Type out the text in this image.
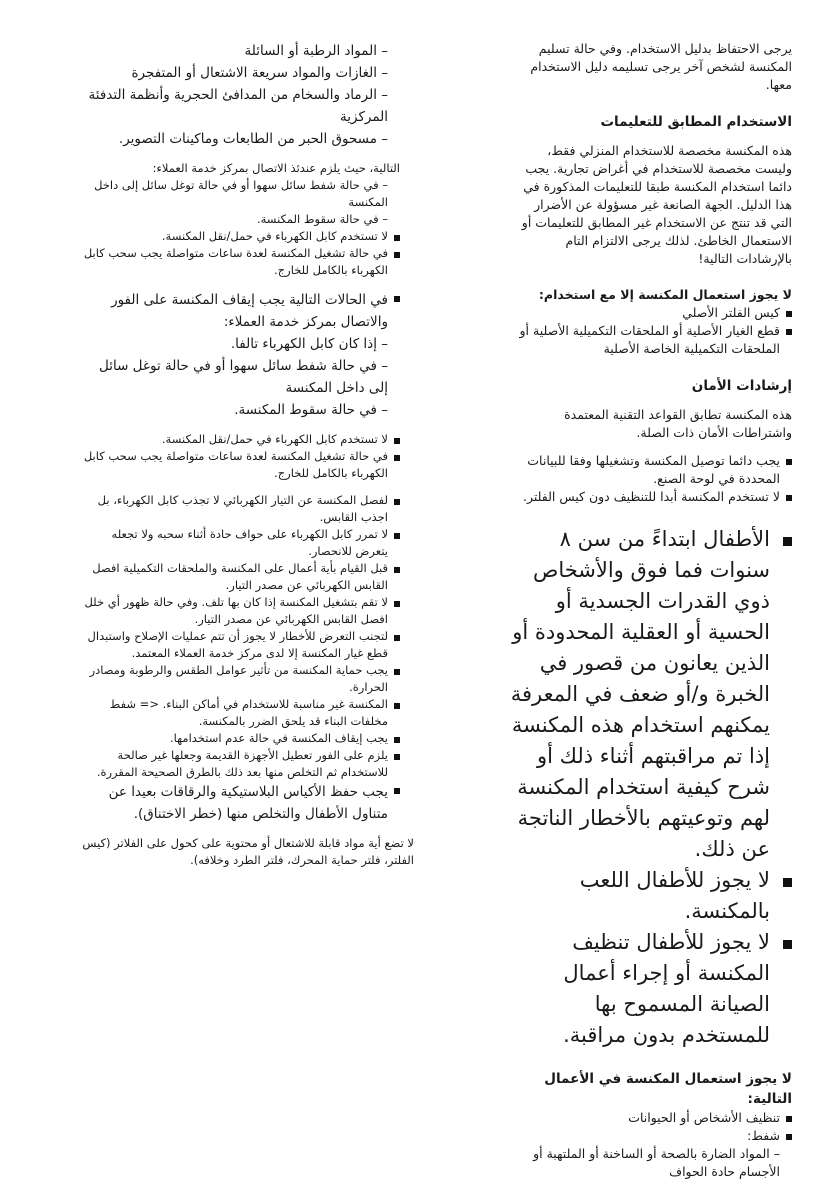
يرجى الاحتفاظ بدليل الاستخدام. وفي حالة تسليم المكنسة لشخص آخر يرجى تسليمه دليل الاستخدام معها.

الاستخدام المطابق للتعليمات

هذه المكنسة مخصصة للاستخدام المنزلي فقط، وليست مخصصة للاستخدام في أغراض تجارية. يجب دائما استخدام المكنسة طبقا للتعليمات المذكورة في هذا الدليل. الجهة الصانعة غير مسؤولة عن الأضرار التي قد تنتج عن الاستخدام غير المطابق للتعليمات أو الاستعمال الخاطئ. لذلك يرجى الالتزام التام بالإرشادات التالية!

لا يجوز استعمال المكنسة إلا مع استخدام:

كيس الفلتر الأصلي

قطع الغيار الأصلية أو الملحقات التكميلية الأصلية أو الملحقات التكميلية الخاصة الأصلية

إرشادات الأمان

هذه المكنسة تطابق القواعد التقنية المعتمدة واشتراطات الأمان ذات الصلة.

يجب دائما توصيل المكنسة وتشغيلها وفقا للبيانات المحددة في لوحة الصنع.

لا تستخدم المكنسة أبدا للتنظيف دون كيس الفلتر.

الأطفال ابتداءً من سن ٨ سنوات فما فوق والأشخاص ذوي القدرات الجسدية أو الحسية أو العقلية المحدودة أو الذين يعانون من قصور في الخبرة و/أو ضعف في المعرفة يمكنهم استخدام هذه المكنسة إذا تم مراقبتهم أثناء ذلك أو شرح كيفية استخدام المكنسة لهم وتوعيتهم بالأخطار الناتجة عن ذلك.

لا يجوز للأطفال اللعب بالمكنسة.

لا يجوز للأطفال تنظيف المكنسة أو إجراء أعمال الصيانة المسموح بها للمستخدم بدون مراقبة.

لا يجوز استعمال المكنسة في الأعمال التالية:

تنظيف الأشخاص أو الحيوانات

شفط:

– المواد الضارة بالصحة أو الساخنة أو الملتهبة أو الأجسام حادة الحواف

– المواد الرطبة أو السائلة

– الغازات والمواد سريعة الاشتعال أو المتفجرة

– الرماد والسخام من المدافئ الحجرية وأنظمة التدفئة المركزية

– مسحوق الحبر من الطابعات وماكينات التصوير.

التالية، حيث يلزم عندئذ الاتصال بمركز خدمة العملاء:

– في حالة شفط سائل سهوا أو في حالة توغل سائل إلى داخل المكنسة

– في حالة سقوط المكنسة.

لا تستخدم كابل الكهرباء في حمل/نقل المكنسة.

في حالة تشغيل المكنسة لعدة ساعات متواصلة يجب سحب كابل الكهرباء بالكامل للخارج.

في الحالات التالية يجب إيقاف المكنسة على الفور والاتصال بمركز خدمة العملاء:

– إذا كان كابل الكهرباء تالفا.

– في حالة شفط سائل سهوا أو في حالة توغل سائل إلى داخل المكنسة

– في حالة سقوط المكنسة.

لا تستخدم كابل الكهرباء في حمل/نقل المكنسة.

في حالة تشغيل المكنسة لعدة ساعات متواصلة يجب سحب كابل الكهرباء بالكامل للخارج.

لفصل المكنسة عن التيار الكهربائي لا تجذب كابل الكهرباء، بل اجذب القابس.

لا تمرر كابل الكهرباء على حواف حادة أثناء سحبه ولا تجعله يتعرض للانحصار.

قبل القيام بأية أعمال على المكنسة والملحقات التكميلية افصل القابس الكهربائي عن مصدر التيار.

لا تقم بتشغيل المكنسة إذا كان بها تلف. وفي حالة ظهور أي خلل افصل القابس الكهربائي عن مصدر التيار.

لتجنب التعرض للأخطار لا يجوز أن تتم عمليات الإصلاح واستبدال قطع غيار المكنسة إلا لدى مركز خدمة العملاء المعتمد.

يجب حماية المكنسة من تأثير عوامل الطقس والرطوبة ومصادر الحرارة.

المكنسة غير مناسبة للاستخدام في أماكن البناء. <= شفط مخلفات البناء قد يلحق الضرر بالمكنسة.

يجب إيقاف المكنسة في حالة عدم استخدامها.

يلزم على الفور تعطيل الأجهزة القديمة وجعلها غير صالحة للاستخدام ثم التخلص منها بعد ذلك بالطرق الصحيحة المقررة.

يجب حفظ الأكياس البلاستيكية والرقاقات بعيدا عن متناول الأطفال والتخلص منها (خطر الاختناق).

لا تضع أية مواد قابلة للاشتعال أو محتوية على كحول على الفلاتر (كيس الفلتر، فلتر حماية المحرك، فلتر الطرد وخلافه).
